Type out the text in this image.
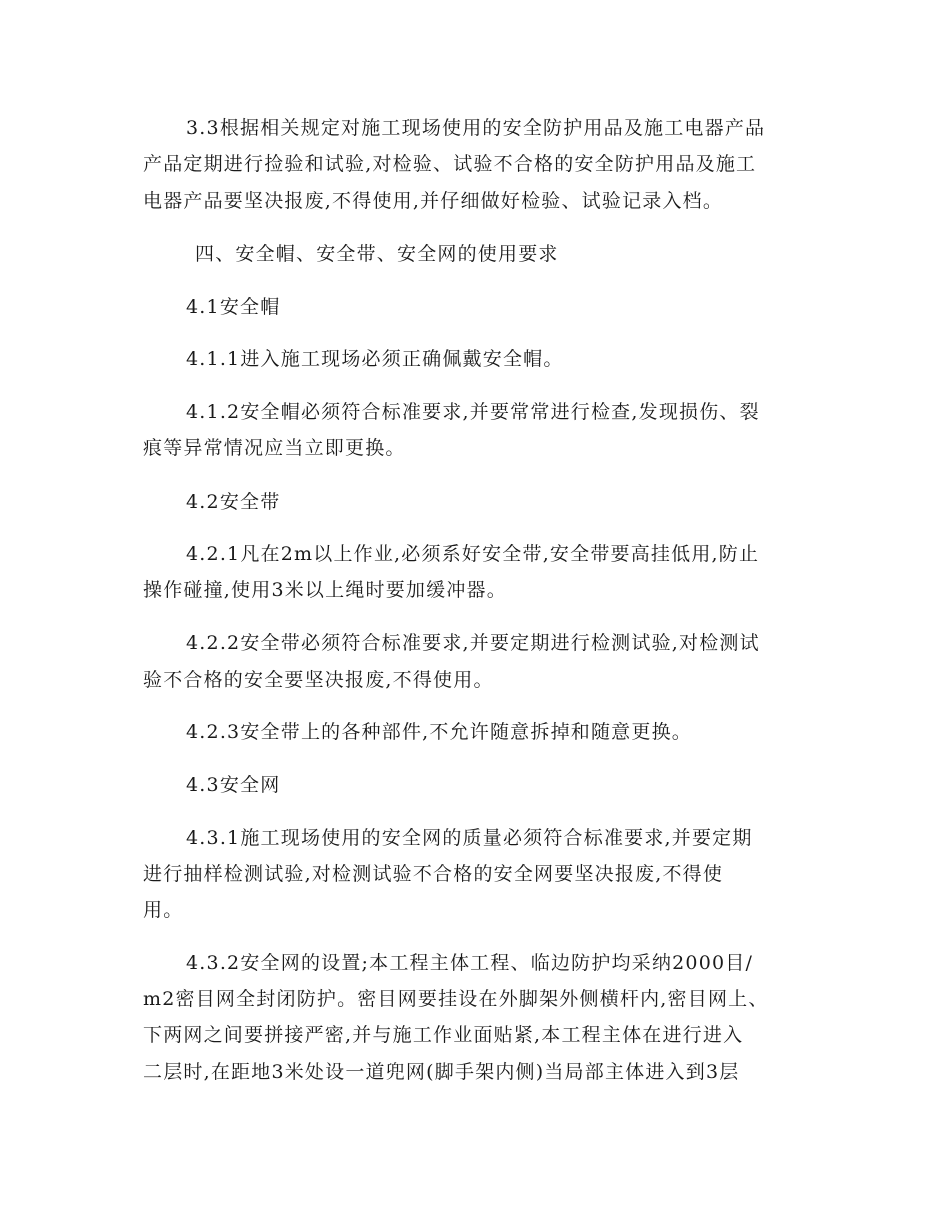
3.3根据相关规定对施工现场使用的安全防护用品及施工电器产品
产品定期进行捡验和试验,对检验、试验不合格的安全防护用品及施工
电器产品要坚决报废,不得使用,并仔细做好检验、试验记录入档。
四、安全帽、安全带、安全网的使用要求
4.1安全帽
4.1.1进入施工现场必须正确佩戴安全帽。
4.1.2安全帽必须符合标准要求,并要常常进行检查,发现损伤、裂
痕等异常情况应当立即更换。
4.2安全带
4.2.1凡在2m以上作业,必须系好安全带,安全带要高挂低用,防止
操作碰撞,使用3米以上绳时要加缓冲器。
4.2.2安全带必须符合标准要求,并要定期进行检测试验,对检测试
验不合格的安全要坚决报废,不得使用。
4.2.3安全带上的各种部件,不允许随意拆掉和随意更换。
4.3安全网
4.3.1施工现场使用的安全网的质量必须符合标准要求,并要定期
进行抽样检测试验,对检测试验不合格的安全网要坚决报废,不得使
用。
4.3.2安全网的设置;本工程主体工程、临边防护均采纳2000目/
m2密目网全封闭防护。密目网要挂设在外脚架外侧横杆内,密目网上、
下两网之间要拼接严密,并与施工作业面贴紧,本工程主体在进行进入
二层时,在距地3米处设一道兜网(脚手架内侧)当局部主体进入到3层
